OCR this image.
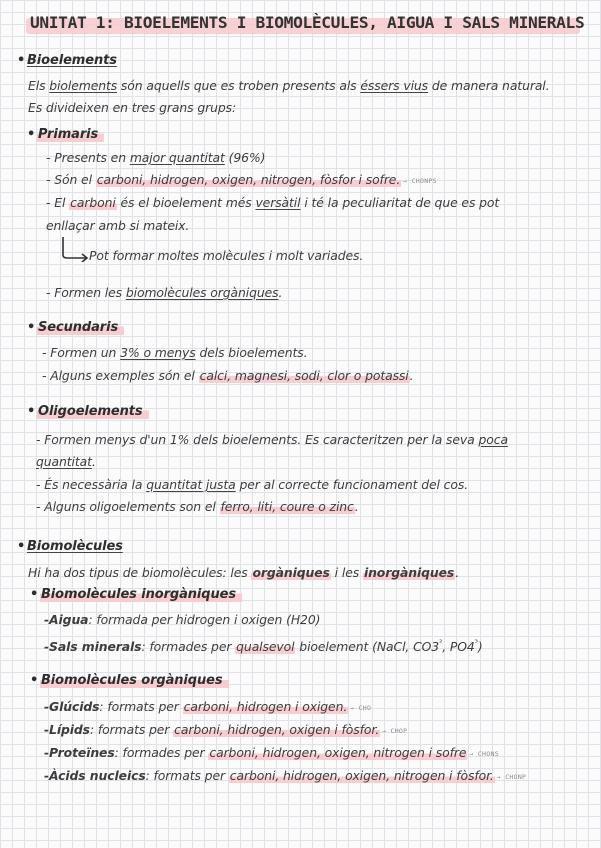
UNITAT 1: BIOELEMENTS I BIOMOLÈCULES, AIGUA I SALS MINERALS
• Bioelements
Els biolements són aquells que es troben presents als éssers vius de manera natural.
Es divideixen en tres grans grups:
• Primaris
- Presents en major quantitat (96%)
- Són el carboni, hidrogen, oxigen, nitrogen, fòsfor i sofre. → CHONPS
- El carboni és el bioelement més versàtil i té la peculiaritat de que es pot
enllaçar amb si mateix.
Pot formar moltes molècules i molt variades.
- Formen les biomolècules orgàniques.
• Secundaris
- Formen un 3% o menys dels bioelements.
- Alguns exemples són el calci, magnesi, sodi, clor o potassi.
• Oligoelements
- Formen menys d'un 1% dels bioelements. Es caracteritzen per la seva poca
quantitat.
- És necessària la quantitat justa per al correcte funcionament del cos.
- Alguns oligoelements son el ferro, liti, coure o zinc.
• Biomolècules
Hi ha dos tipus de biomolècules: les orgàniques i les inorgàniques.
• Biomolècules inorgàniques
-Aigua: formada per hidrogen i oxigen (H20)
-Sals minerals: formades per qualsevol bioelement (NaCl, $CO3^{^2}$, $PO4^{^3}$)
• Biomolècules orgàniques
-Glúcids: formats per carboni, hidrogen i oxigen. → CHO
-Lípids: formats per carboni, hidrogen, oxigen i fòsfor. → CHOP
-Proteïnes: formades per carboni, hidrogen, oxigen, nitrogen i sofre → CHONS
-Àcids nucleics: formats per carboni, hidrogen, oxigen, nitrogen i fòsfor. → CHONP
